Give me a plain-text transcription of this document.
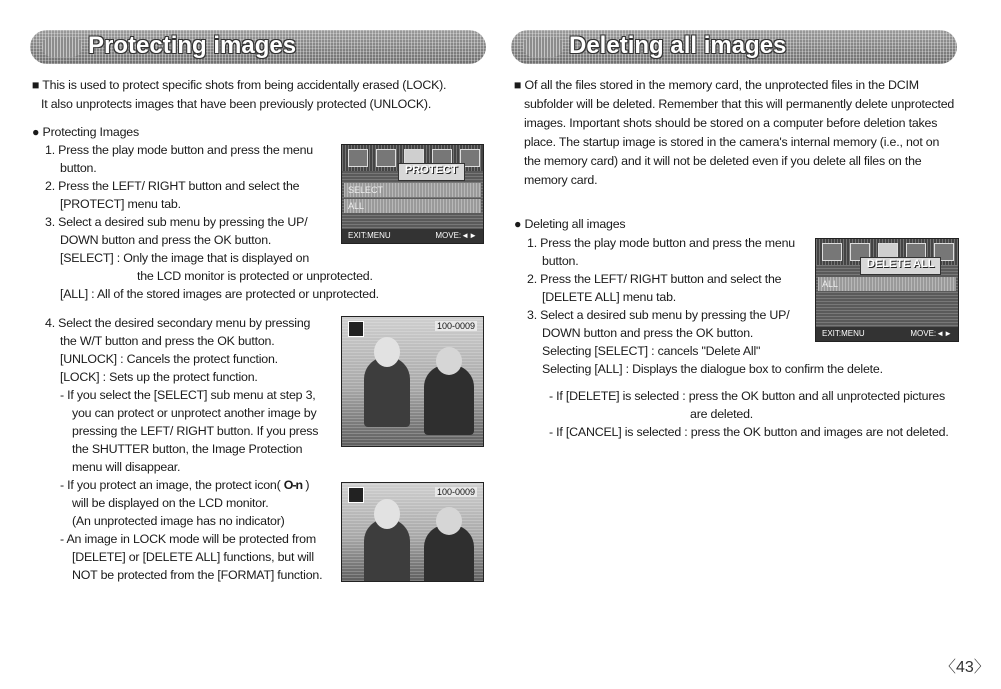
Protecting images
■ This is used to protect specific shots from being accidentally erased (LOCK).
It also unprotects images that have been previously protected (UNLOCK).
● Protecting Images
1. Press the play mode button and press the menu
button.
2. Press the LEFT/ RIGHT button and select the
[PROTECT] menu tab.
3. Select a desired sub menu by pressing the UP/
DOWN button and press the OK button.
[SELECT] : Only the image that is displayed on
the LCD monitor is protected or unprotected.
[ALL] : All of the stored images are protected or unprotected.
4. Select the desired secondary menu by pressing
the W/T button and press the OK button.
[UNLOCK] : Cancels the protect function.
[LOCK] : Sets up the protect function.
- If you select the [SELECT] sub menu at step 3,
you can protect or unprotect another image by
pressing the LEFT/ RIGHT button. If you press
the SHUTTER button, the Image Protection
menu will disappear.
- If you protect an image, the protect icon( O-n )
will be displayed on the LCD monitor.
(An unprotected image has no indicator)
- An image in LOCK mode will be protected from
[DELETE] or [DELETE ALL] functions, but will
NOT be protected from the [FORMAT] function.
PROTECT
SELECT
ALL
EXIT:MENU	MOVE:◄►
100-0009
100-0009
Deleting all images
■ Of all the files stored in the memory card, the unprotected files in the DCIM
subfolder will be deleted. Remember that this will permanently delete unprotected
images. Important shots should be stored on a computer before deletion takes
place. The startup image is stored in the camera's internal memory (i.e., not on
the memory card) and it will not be deleted even if you delete all files on the
memory card.
● Deleting all images
1. Press the play mode button and press the menu
button.
2. Press the LEFT/ RIGHT button and select the
[DELETE ALL] menu tab.
3. Select a desired sub menu by pressing the UP/
DOWN button and press the OK button.
Selecting [SELECT] : cancels "Delete All"
Selecting [ALL] : Displays the dialogue box to confirm the delete.
- If [DELETE] is selected : press the OK button and all unprotected pictures
are deleted.
- If [CANCEL] is selected : press the OK button and images are not deleted.
DELETE ALL
ALL
EXIT:MENU	MOVE:◄►
〈43〉
